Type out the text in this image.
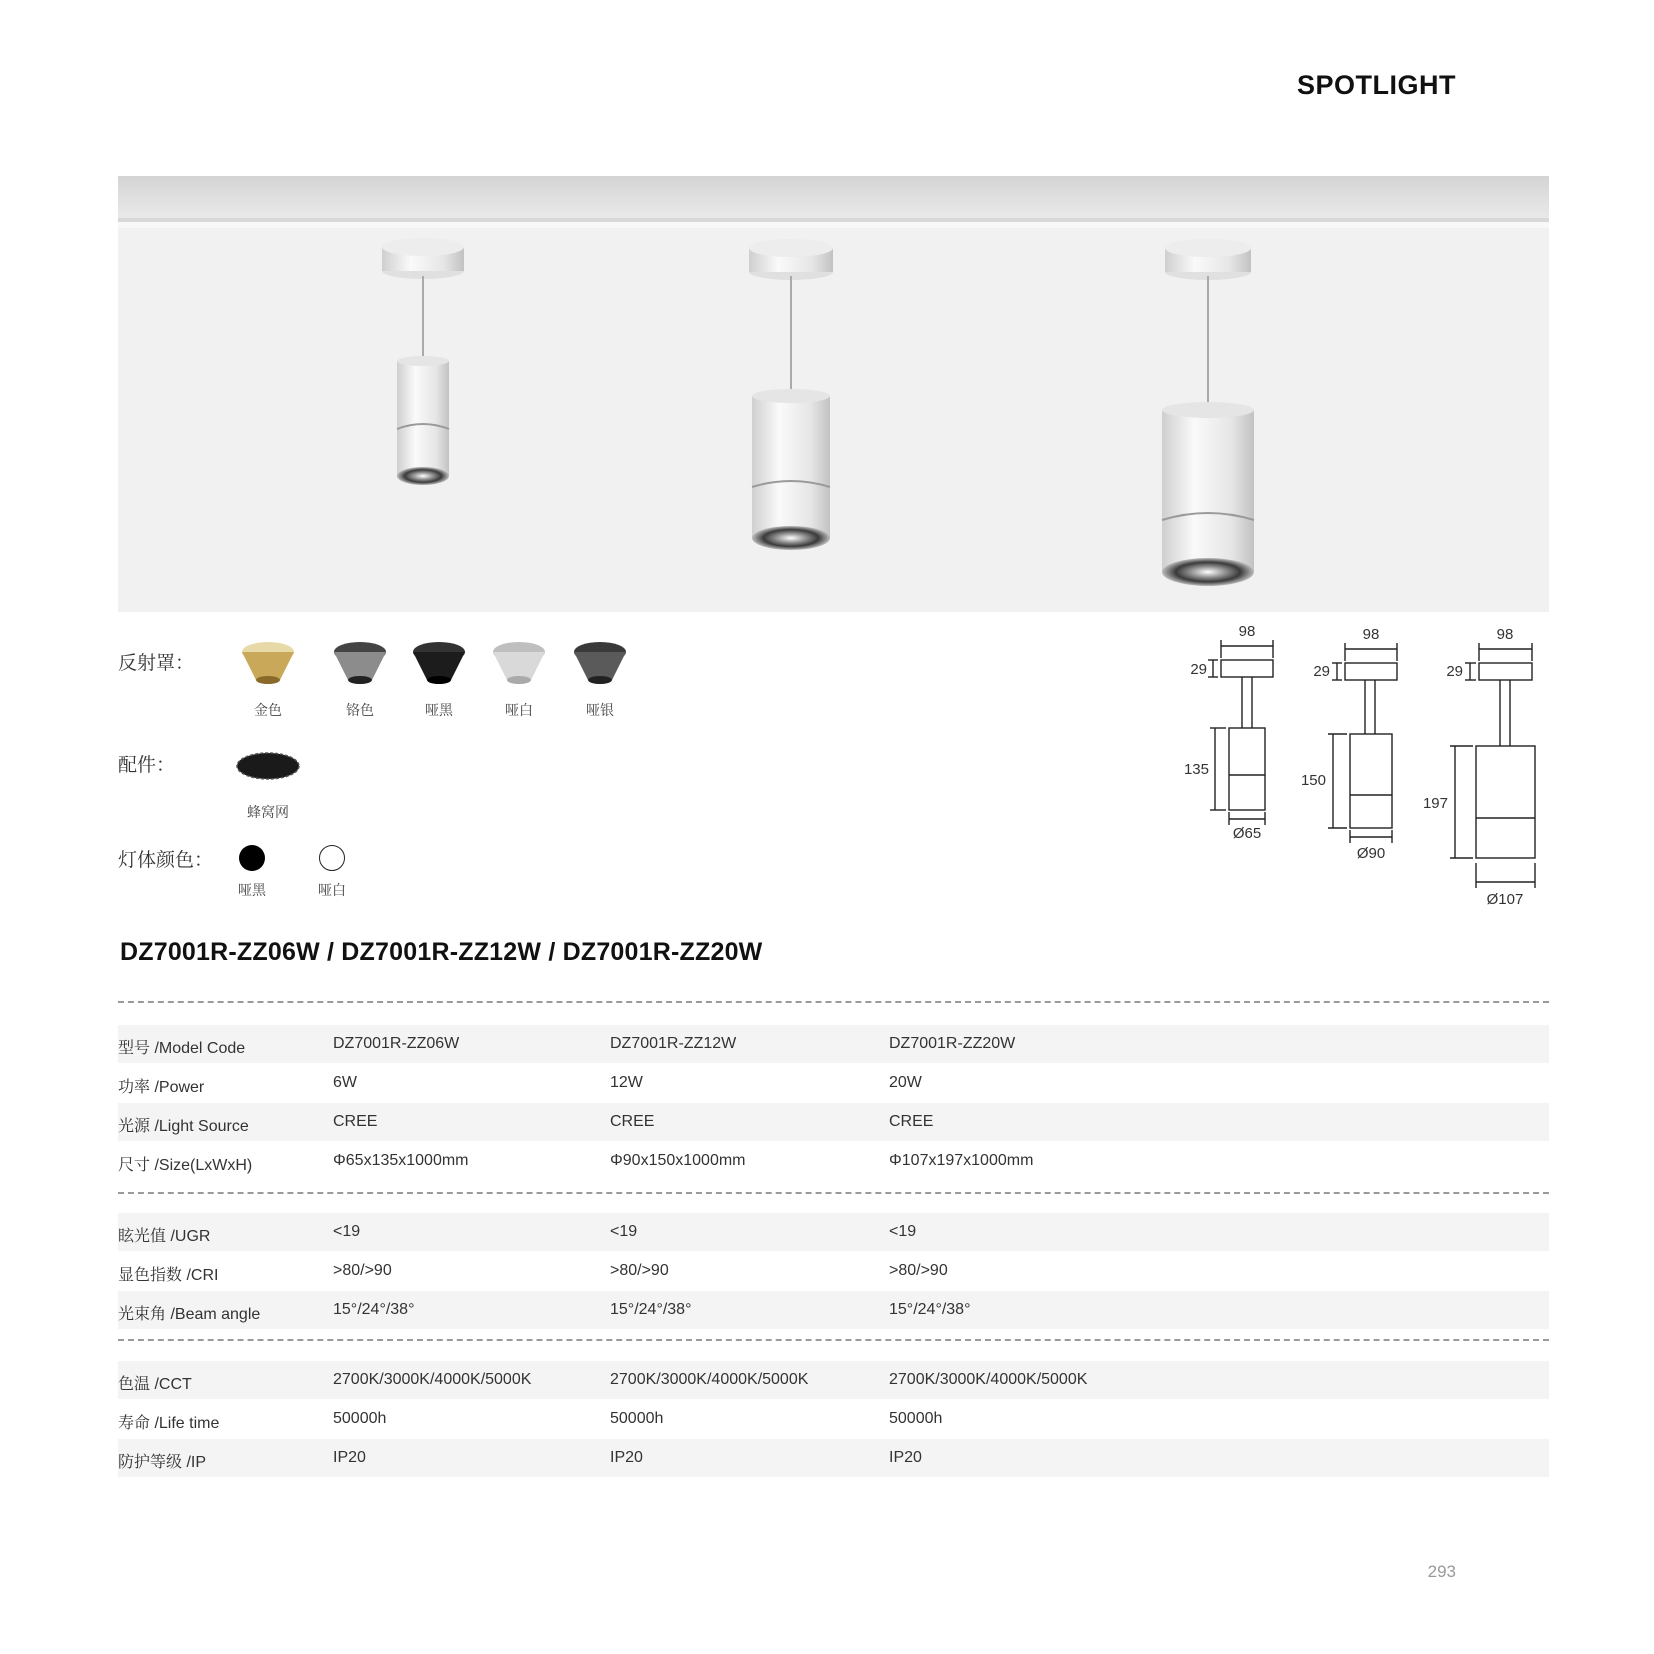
SPOTLIGHT
反射罩：
金色	铬色	哑黑	哑白	哑银
配件：
蜂窝网
灯体颜色：
哑黑	哑白
98
29
135
Ø65
98
29
150
Ø90
98
29
197
Ø107
DZ7001R-ZZ06W / DZ7001R-ZZ12W / DZ7001R-ZZ20W
型号 /Model Code	DZ7001R-ZZ06W	DZ7001R-ZZ12W	DZ7001R-ZZ20W
功率 /Power	6W	12W	20W
光源 /Light Source	CREE	CREE	CREE
尺寸 /Size(LxWxH)	Φ65x135x1000mm	Φ90x150x1000mm	Φ107x197x1000mm
眩光值 /UGR	<19	<19	<19
显色指数 /CRI	>80/>90	>80/>90	>80/>90
光束角 /Beam angle	15°/24°/38°	15°/24°/38°	15°/24°/38°
色温 /CCT	2700K/3000K/4000K/5000K	2700K/3000K/4000K/5000K	2700K/3000K/4000K/5000K
寿命 /Life time	50000h	50000h	50000h
防护等级 /IP	IP20	IP20	IP20
293
